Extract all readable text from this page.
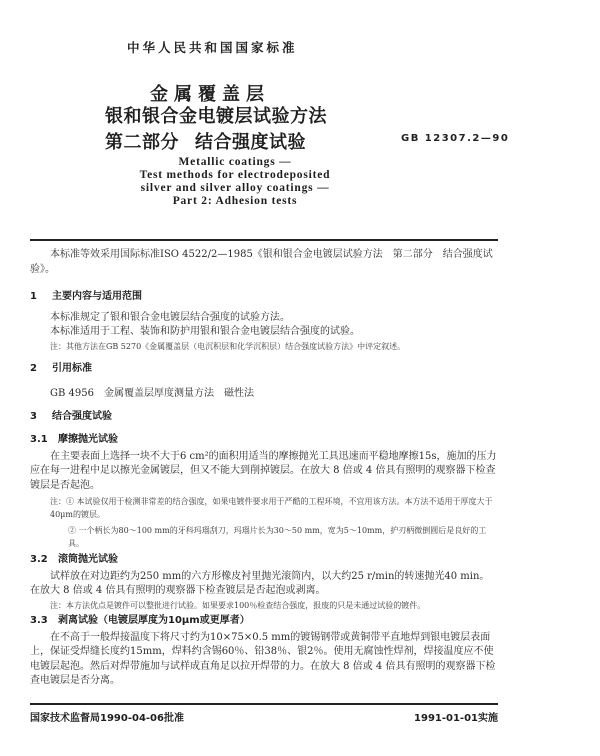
中华人民共和国国家标准
金属覆盖层
银和银合金电镀层试验方法
第二部分 结合强度试验	GB 12307.2—90
Metallic coatings —
Test methods for electrodeposited
silver and silver alloy coatings —
Part 2: Adhesion tests

本标准等效采用国际标准ISO 4522/2—1985《银和银合金电镀层试验方法　第二部分　结合强度试验》。

1 主要内容与适用范围

本标准规定了银和银合金电镀层结合强度的试验方法。

本标准适用于工程、装饰和防护用银和银合金电镀层结合强度的试验。

注：其他方法在GB 5270《金属覆盖层（电沉积层和化学沉积层）结合强度试验方法》中评定叙述。

2 引用标准

GB 4956　金属覆盖层厚度测量方法　磁性法

3 结合强度试验
3.1 摩擦抛光试验

在主要表面上选择一块不大于6 cm²的面积用适当的摩擦抛光工具迅速而平稳地摩擦15s，施加的压力应在每一进程中足以擦光金属镀层，但又不能大到削掉镀层。在放大 8 倍或 4 倍具有照明的观察器下检查镀层是否起泡。

注：① 本试验仅用于检测非常差的结合强度，如果电镀件要求用于严酷的工程环境，不宜用该方法。本方法不适用于厚度大于40μm的镀层。
② 一个柄长为80～100 mm的牙科玛瑙刮刀，玛瑙片长为30～50 mm，宽为5～10mm，护刃柄微倒圆后是良好的工具。
3.2 滚筒抛光试验

试样放在对边距约为250 mm的六方形橡皮衬里抛光滚筒内，以大约25 r/min的转速抛光40 min。在放大 8 倍或 4 倍具有照明的观察器下检查镀层是否起泡或剥离。

注：本方法优点是镀件可以整批进行试验。如果要求100％检查结合强度，报废的只是未通过试验的镀件。

3.3 剥离试验（电镀层厚度为10μm或更厚者）

在不高于一般焊接温度下将尺寸约为10×75×0.5 mm的镀锡钢带或黄铜带平直地焊到银电镀层表面上，保证受焊缝长度约15mm，焊料约含锡60％、铅38％、银2％。使用无腐蚀性焊剂，焊接温度应不使电镀层起泡。然后对焊带施加与试样成直角足以拉开焊带的力。在放大 8 倍或 4 倍具有照明的观察器下检查电镀层是否分离。

国家技术监督局1990-04-06批准	1991-01-01实施
